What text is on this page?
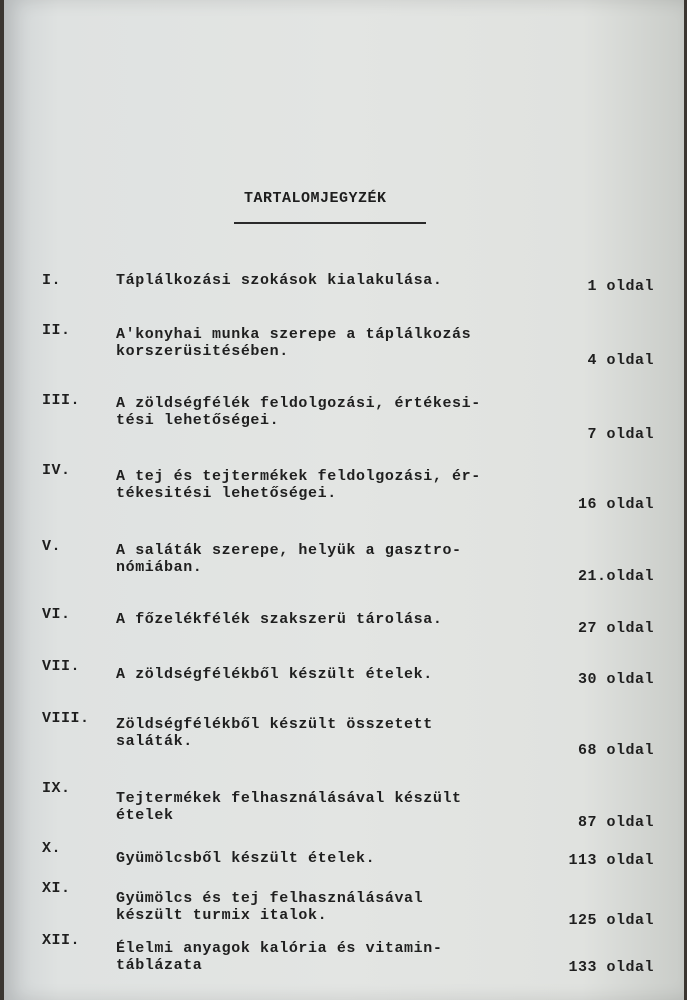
TARTALOMJEGYZÉK
I.	Táplálkozási szokások kialakulása.	1 oldal
II.	A'konyhai munka szerepe a táplálkozás
korszerüsitésében.
4 oldal
III. A zöldségfélék feldolgozási, értékesi-
tési lehetőségei.
7 oldal
IV.	A tej és tejtermékek feldolgozási, ér-
tékesitési lehetőségei.
16 oldal
V.	A saláták szerepe, helyük a gasztro-
nómiában.
21.oldal
VI.	A főzelékfélék szakszerü tárolása.
27 oldal
VII. A zöldségfélékből készült ételek.	30 oldal
VIII. Zöldségfélékből készült összetett
saláták.
68 oldal
IX.
Tejtermékek felhasználásával készült
ételek	87 oldal
X.
Gyümölcsből készült ételek.	113 oldal
XI.
Gyümölcs és tej felhasználásával
készült turmix italok.	125 oldal
XII. Élelmi anyagok kalória és vitamin-
táblázata	133 oldal
